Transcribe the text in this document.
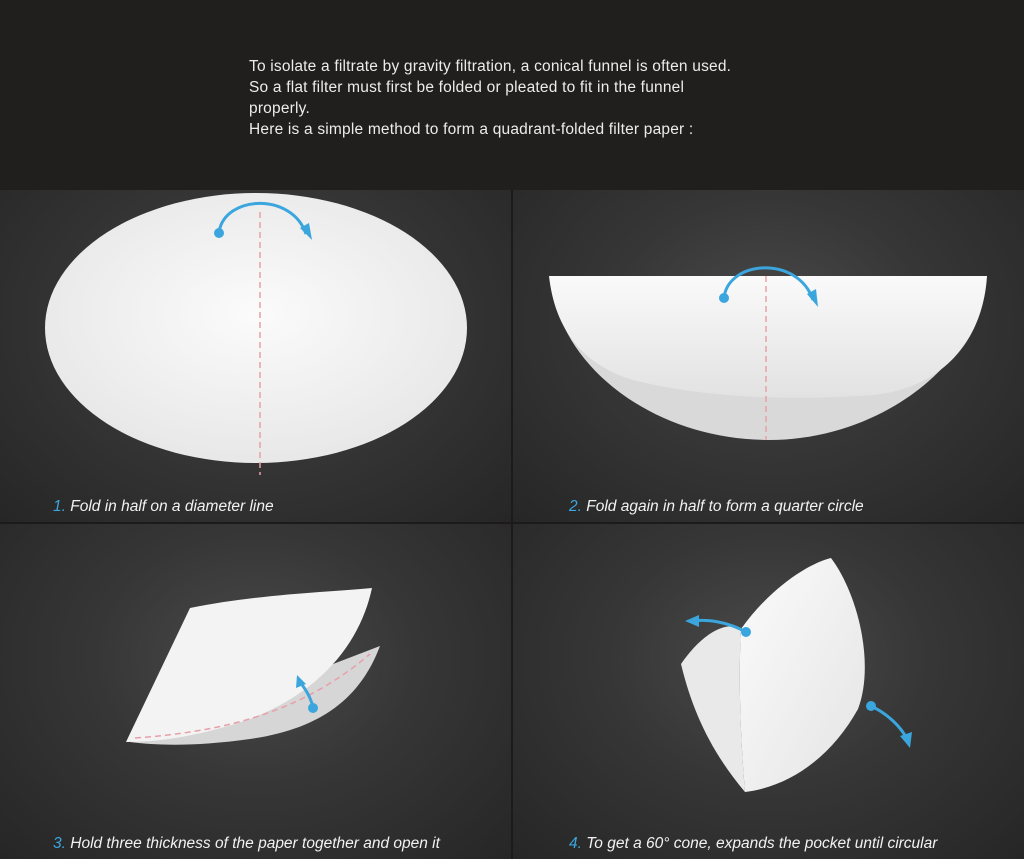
To isolate a filtrate by gravity filtration, a conical funnel is often used. So a flat filter must first be folded or pleated to fit in the funnel properly.

Here is a simple method to form a quadrant-folded filter paper :

1. Fold in half on a diameter line	2. Fold again in half to form a quarter circle
3. Hold three thickness of the paper together and open it	4. To get a 60° cone, expands the pocket until circular
